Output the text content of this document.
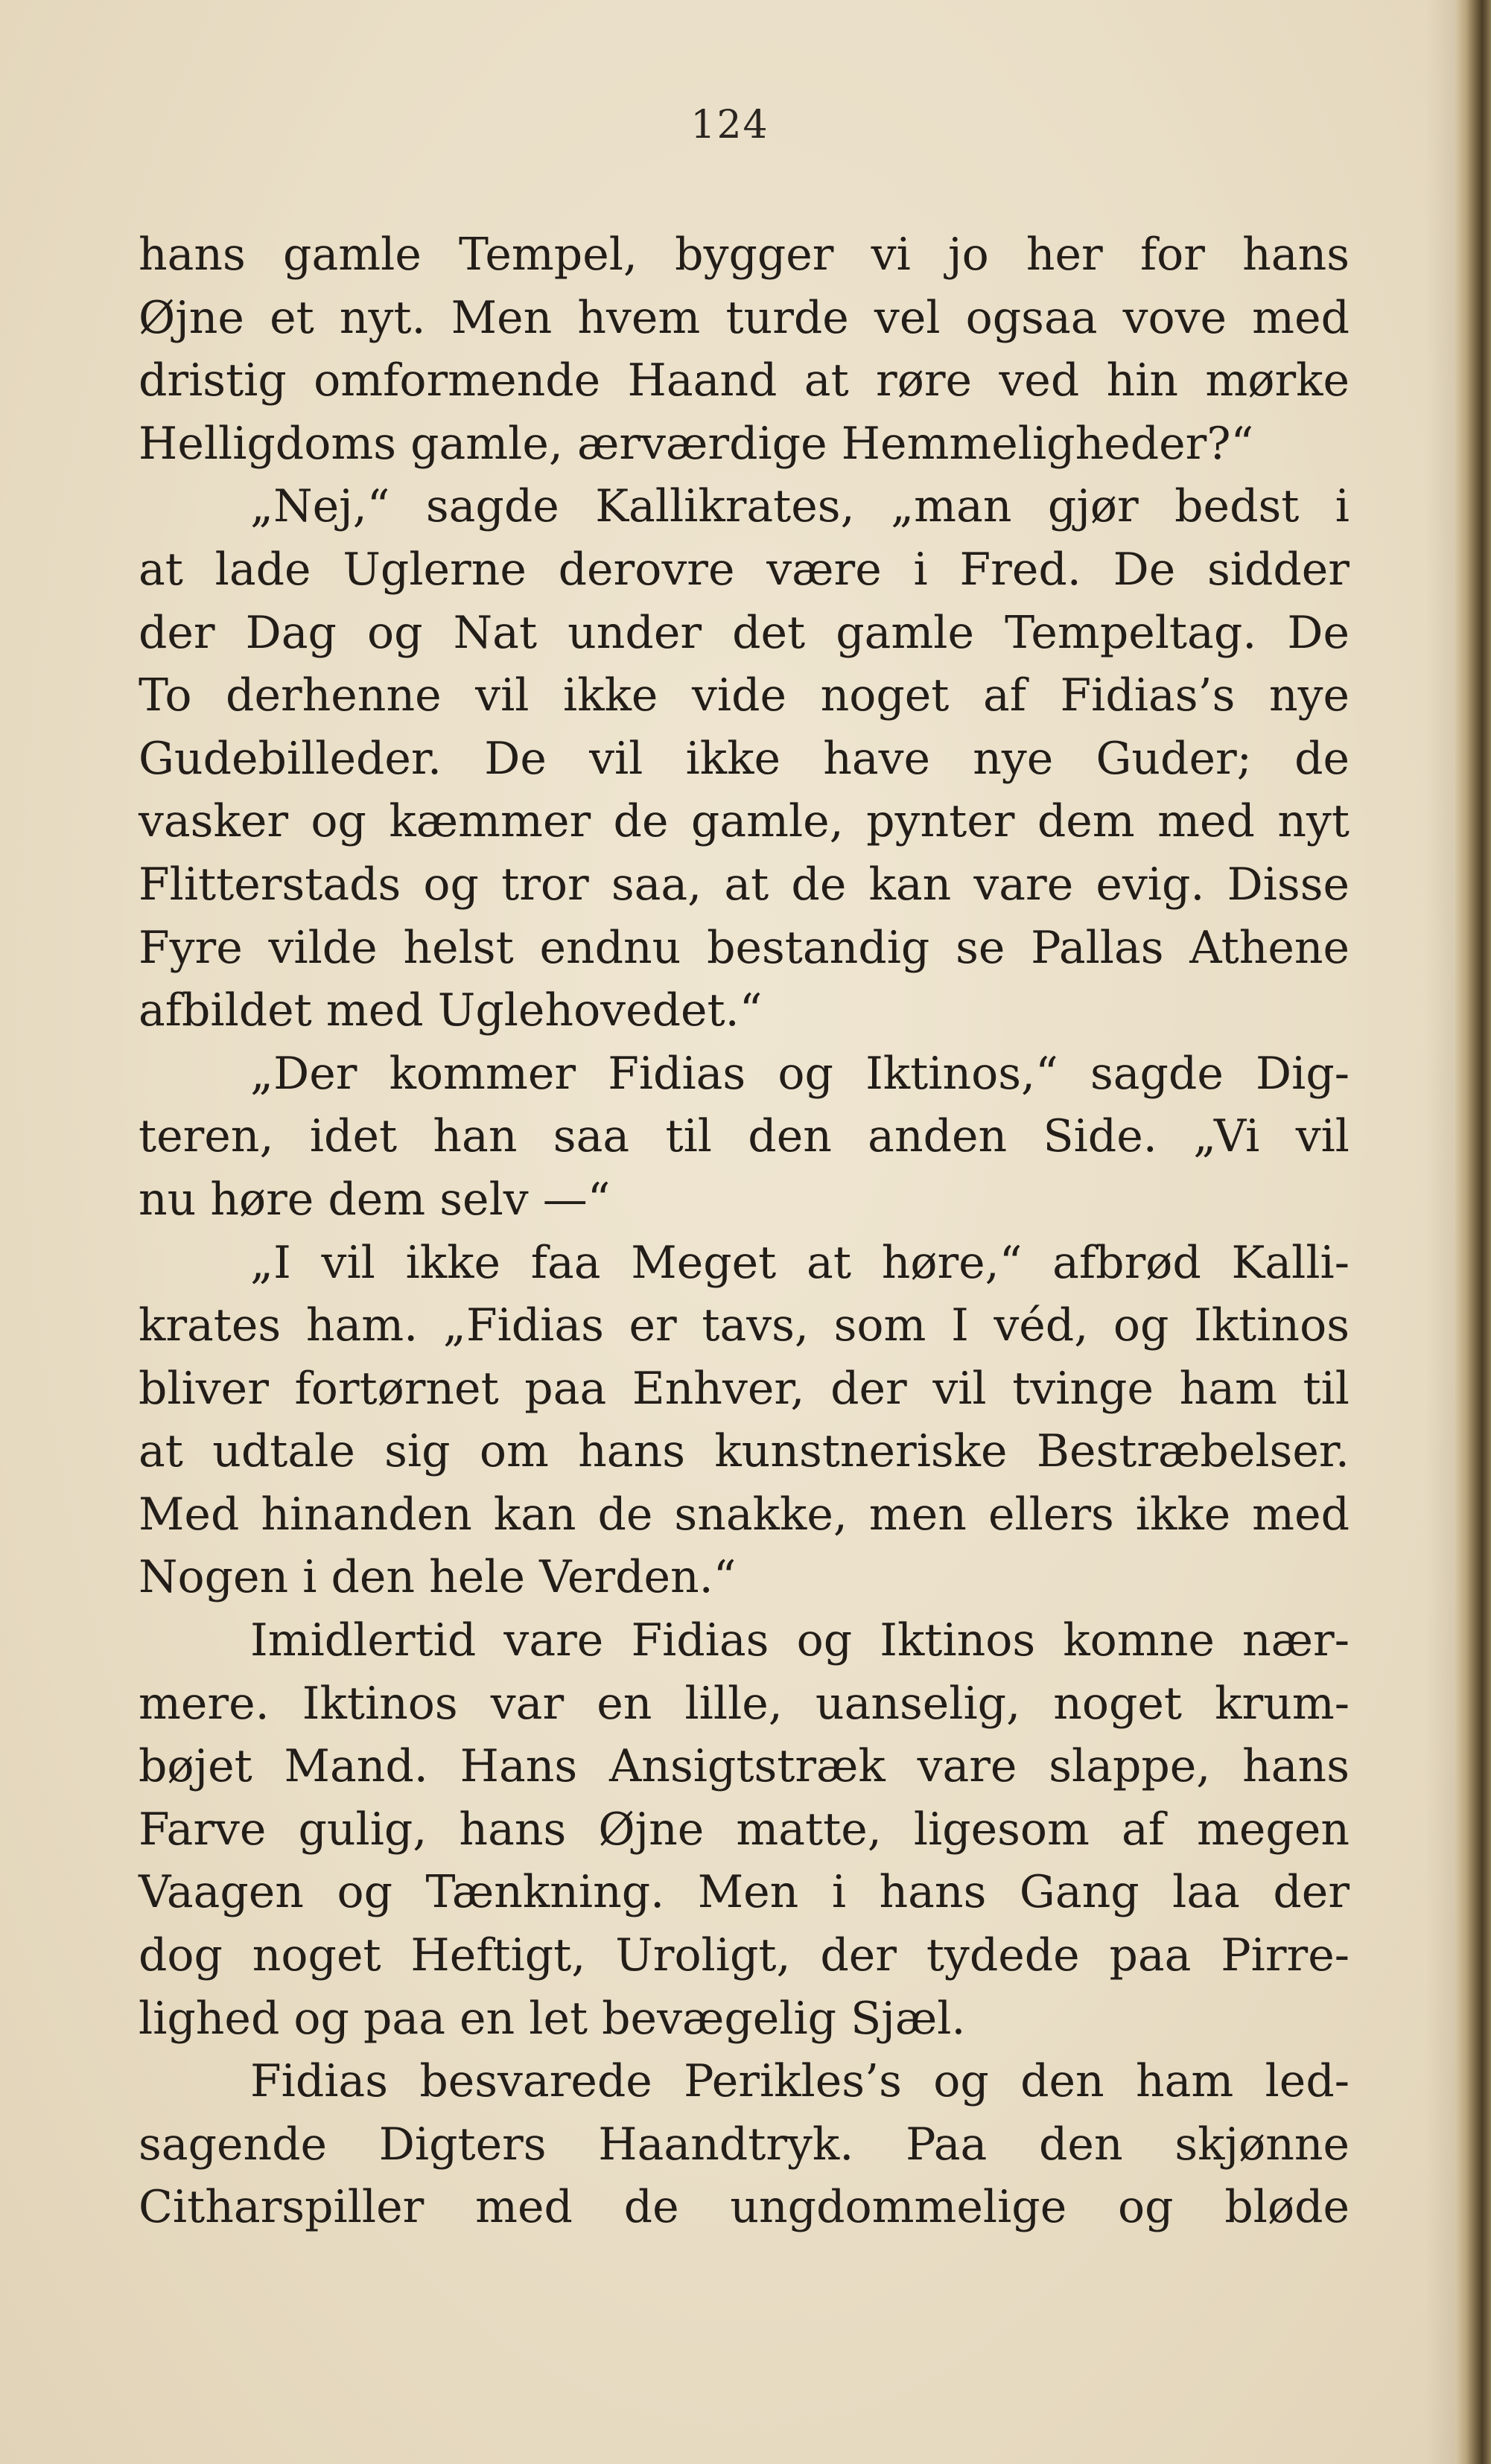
124
hans gamle Tempel, bygger vi jo her for hans
Øjne et nyt. Men hvem turde vel ogsaa vove med
dristig omformende Haand at røre ved hin mørke
Helligdoms gamle, ærværdige Hemmeligheder?“
„Nej,“ sagde Kallikrates, „man gjør bedst i
at lade Uglerne derovre være i Fred. De sidder
der Dag og Nat under det gamle Tempeltag. De
To derhenne vil ikke vide noget af Fidias’s nye
Gudebilleder. De vil ikke have nye Guder; de
vasker og kæmmer de gamle, pynter dem med nyt
Flitterstads og tror saa, at de kan vare evig. Disse
Fyre vilde helst endnu bestandig se Pallas Athene
afbildet med Uglehovedet.“
„Der kommer Fidias og Iktinos,“ sagde Dig-
teren, idet han saa til den anden Side. „Vi vil
nu høre dem selv —“
„I vil ikke faa Meget at høre,“ afbrød Kalli-
krates ham. „Fidias er tavs, som I véd, og Iktinos
bliver fortørnet paa Enhver, der vil tvinge ham til
at udtale sig om hans kunstneriske Bestræbelser.
Med hinanden kan de snakke, men ellers ikke med
Nogen i den hele Verden.“
Imidlertid vare Fidias og Iktinos komne nær-
mere. Iktinos var en lille, uanselig, noget krum-
bøjet Mand. Hans Ansigtstræk vare slappe, hans
Farve gulig, hans Øjne matte, ligesom af megen
Vaagen og Tænkning. Men i hans Gang laa der
dog noget Heftigt, Uroligt, der tydede paa Pirre-
lighed og paa en let bevægelig Sjæl.
Fidias besvarede Perikles’s og den ham led-
sagende Digters Haandtryk. Paa den skjønne
Citharspiller med de ungdommelige og bløde
